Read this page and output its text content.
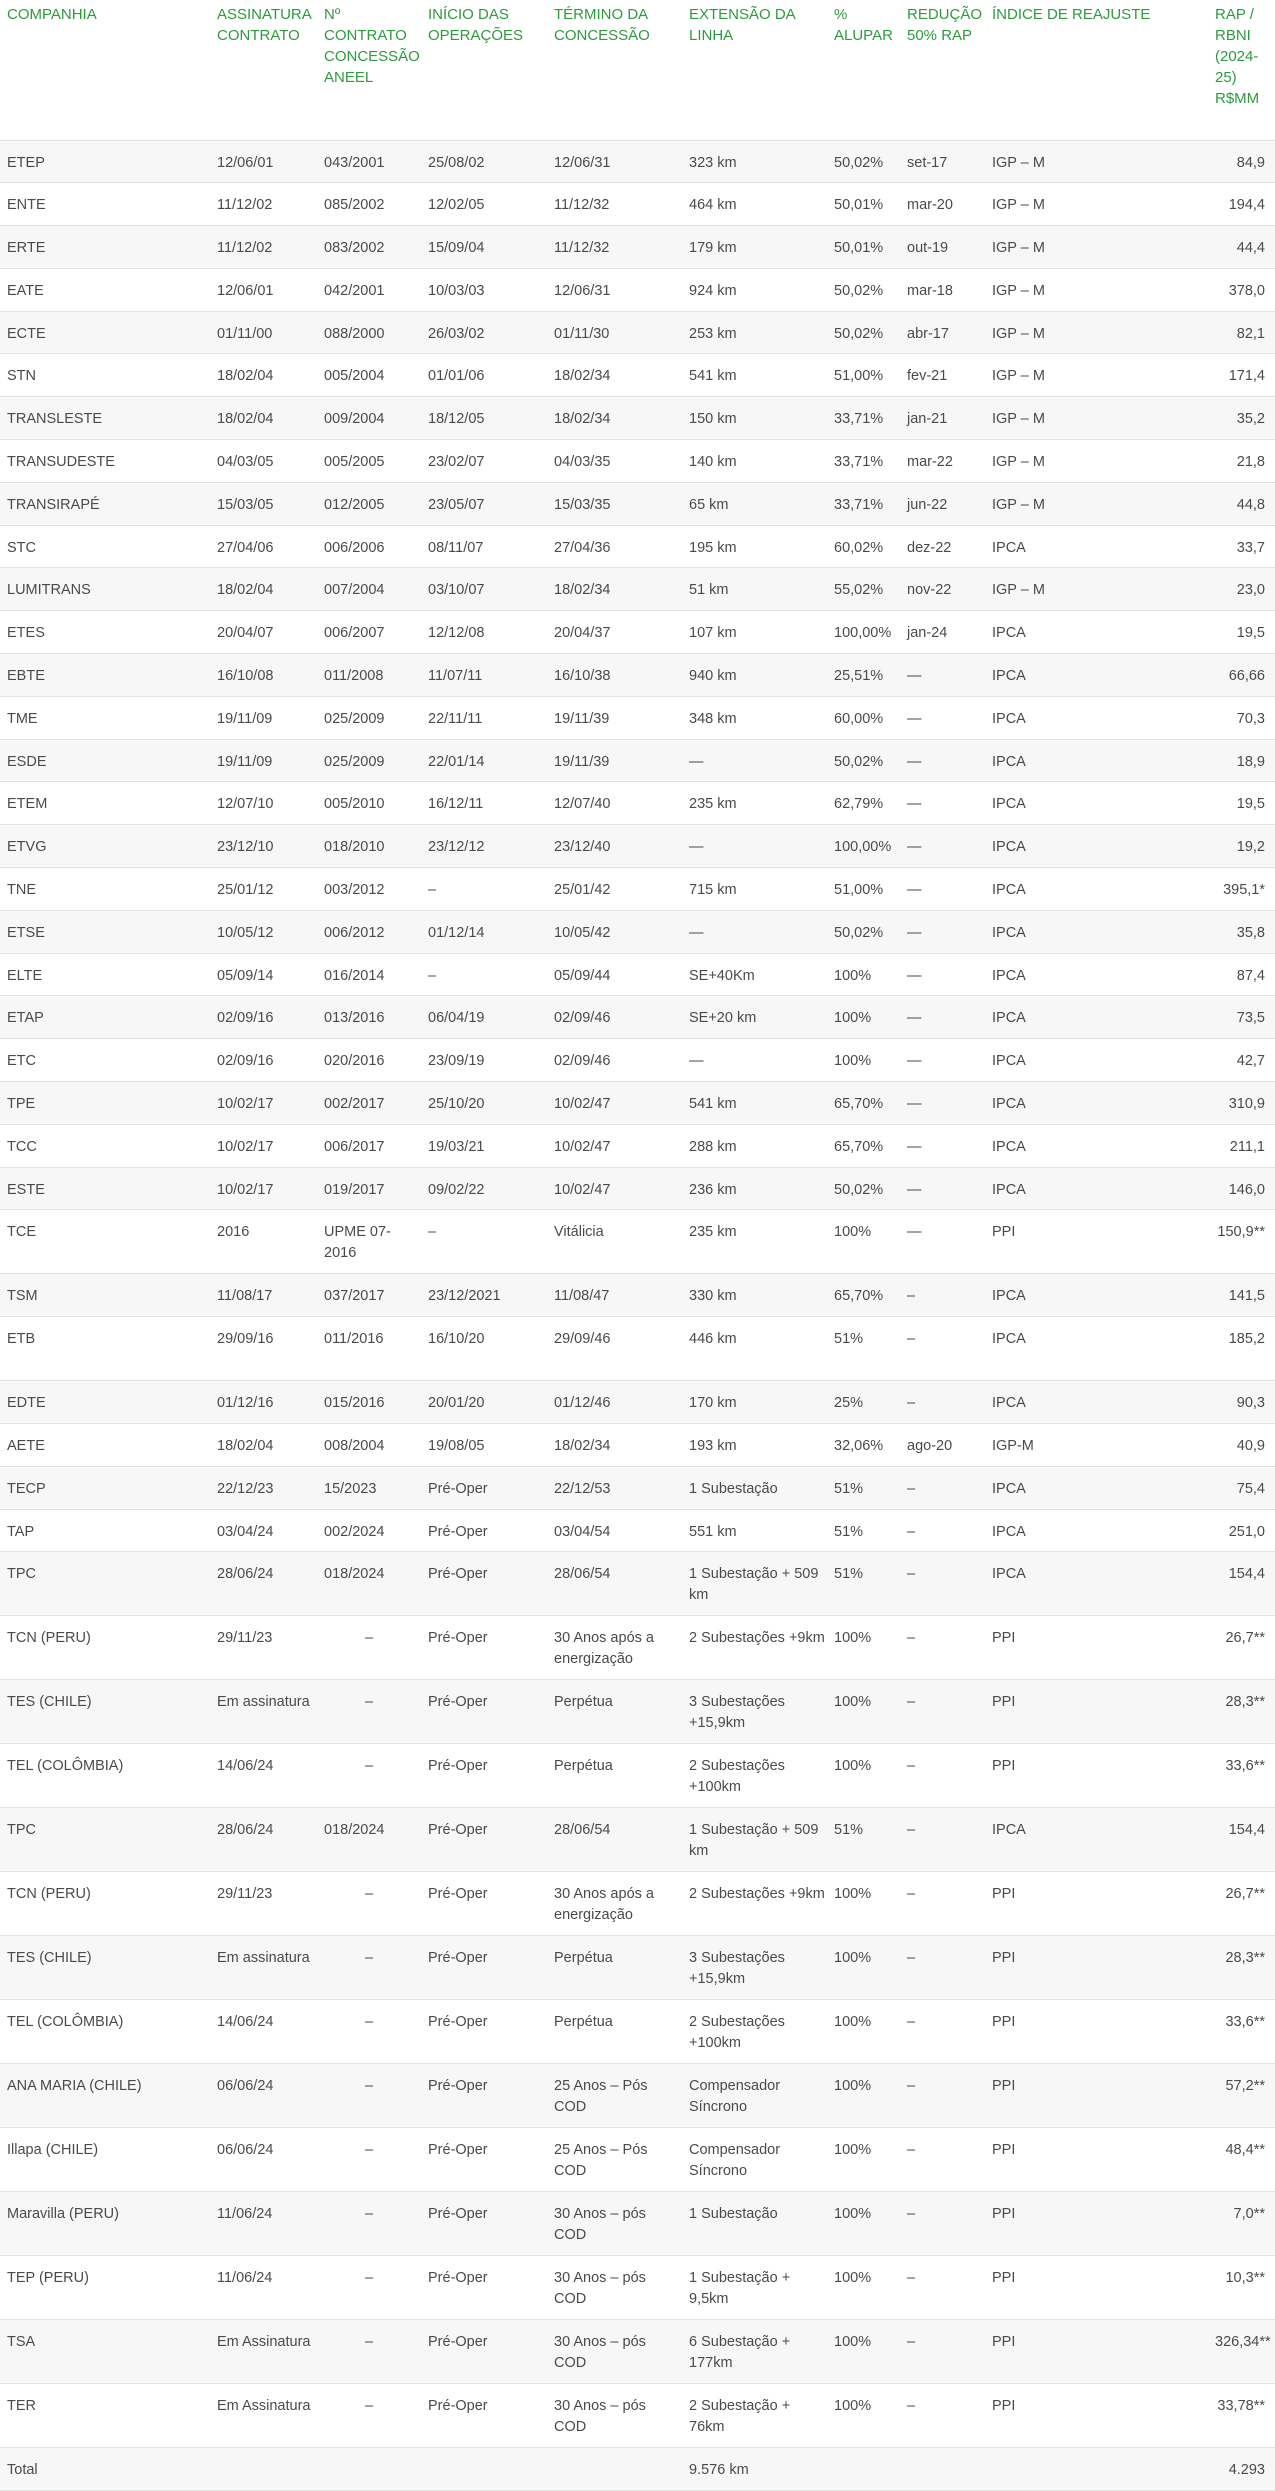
COMPANHIA	ASSINATURA CONTRATO	Nº CONTRATO CONCESSÃO ANEEL	INÍCIO DAS OPERAÇÕES	TÉRMINO DA CONCESSÃO	EXTENSÃO DA LINHA	% ALUPAR	REDUÇÃO 50% RAP	ÍNDICE DE REAJUSTE	RAP / RBNI (2024-25) R$MM
ETEP	12/06/01	043/2001	25/08/02	12/06/31	323 km	50,02%	set-17	IGP – M	84,9
ENTE	11/12/02	085/2002	12/02/05	11/12/32	464 km	50,01%	mar-20	IGP – M	194,4
ERTE	11/12/02	083/2002	15/09/04	11/12/32	179 km	50,01%	out-19	IGP – M	44,4
EATE	12/06/01	042/2001	10/03/03	12/06/31	924 km	50,02%	mar-18	IGP – M	378,0
ECTE	01/11/00	088/2000	26/03/02	01/11/30	253 km	50,02%	abr-17	IGP – M	82,1
STN	18/02/04	005/2004	01/01/06	18/02/34	541 km	51,00%	fev-21	IGP – M	171,4
TRANSLESTE	18/02/04	009/2004	18/12/05	18/02/34	150 km	33,71%	jan-21	IGP – M	35,2
TRANSUDESTE	04/03/05	005/2005	23/02/07	04/03/35	140 km	33,71%	mar-22	IGP – M	21,8
TRANSIRAPÉ	15/03/05	012/2005	23/05/07	15/03/35	65 km	33,71%	jun-22	IGP – M	44,8
STC	27/04/06	006/2006	08/11/07	27/04/36	195 km	60,02%	dez-22	IPCA	33,7
LUMITRANS	18/02/04	007/2004	03/10/07	18/02/34	51 km	55,02%	nov-22	IGP – M	23,0
ETES	20/04/07	006/2007	12/12/08	20/04/37	107 km	100,00%	jan-24	IPCA	19,5
EBTE	16/10/08	011/2008	11/07/11	16/10/38	940 km	25,51%	—	IPCA	66,66
TME	19/11/09	025/2009	22/11/11	19/11/39	348 km	60,00%	—	IPCA	70,3
ESDE	19/11/09	025/2009	22/01/14	19/11/39	—	50,02%	—	IPCA	18,9
ETEM	12/07/10	005/2010	16/12/11	12/07/40	235 km	62,79%	—	IPCA	19,5
ETVG	23/12/10	018/2010	23/12/12	23/12/40	—	100,00%	—	IPCA	19,2
TNE	25/01/12	003/2012	–	25/01/42	715 km	51,00%	—	IPCA	395,1*
ETSE	10/05/12	006/2012	01/12/14	10/05/42	—	50,02%	—	IPCA	35,8
ELTE	05/09/14	016/2014	–	05/09/44	SE+40Km	100%	—	IPCA	87,4
ETAP	02/09/16	013/2016	06/04/19	02/09/46	SE+20 km	100%	—	IPCA	73,5
ETC	02/09/16	020/2016	23/09/19	02/09/46	—	100%	—	IPCA	42,7
TPE	10/02/17	002/2017	25/10/20	10/02/47	541 km	65,70%	—	IPCA	310,9
TCC	10/02/17	006/2017	19/03/21	10/02/47	288 km	65,70%	—	IPCA	211,1
ESTE	10/02/17	019/2017	09/02/22	10/02/47	236 km	50,02%	—	IPCA	146,0
TCE	2016	UPME 07-2016	–	Vitálicia	235 km	100%	—	PPI	150,9**
TSM	11/08/17	037/2017	23/12/2021	11/08/47	330 km	65,70%	–	IPCA	141,5
ETB	29/09/16	011/2016	16/10/20	29/09/46	446 km	51%	–	IPCA	185,2
EDTE	01/12/16	015/2016	20/01/20	01/12/46	170 km	25%	–	IPCA	90,3
AETE	18/02/04	008/2004	19/08/05	18/02/34	193 km	32,06%	ago-20	IGP-M	40,9
TECP	22/12/23	15/2023	Pré-Oper	22/12/53	1 Subestação	51%	–	IPCA	75,4
TAP	03/04/24	002/2024	Pré-Oper	03/04/54	551 km	51%	–	IPCA	251,0
TPC	28/06/24	018/2024	Pré-Oper	28/06/54	1 Subestação + 509 km	51%	–	IPCA	154,4
TCN (PERU)	29/11/23	–	Pré-Oper	30 Anos após a energização	2 Subestações +9km	100%	–	PPI	26,7**
TES (CHILE)	Em assinatura	–	Pré-Oper	Perpétua	3 Subestações +15,9km	100%	–	PPI	28,3**
TEL (COLÔMBIA)	14/06/24	–	Pré-Oper	Perpétua	2 Subestações +100km	100%	–	PPI	33,6**
TPC	28/06/24	018/2024	Pré-Oper	28/06/54	1 Subestação + 509 km	51%	–	IPCA	154,4
TCN (PERU)	29/11/23	–	Pré-Oper	30 Anos após a energização	2 Subestações +9km	100%	–	PPI	26,7**
TES (CHILE)	Em assinatura	–	Pré-Oper	Perpétua	3 Subestações +15,9km	100%	–	PPI	28,3**
TEL (COLÔMBIA)	14/06/24	–	Pré-Oper	Perpétua	2 Subestações +100km	100%	–	PPI	33,6**
ANA MARIA (CHILE)	06/06/24	–	Pré-Oper	25 Anos – Pós COD	Compensador Síncrono	100%	–	PPI	57,2**
Illapa (CHILE)	06/06/24	–	Pré-Oper	25 Anos – Pós COD	Compensador Síncrono	100%	–	PPI	48,4**
Maravilla (PERU)	11/06/24	–	Pré-Oper	30 Anos – pós COD	1 Subestação	100%	–	PPI	7,0**
TEP (PERU)	11/06/24	–	Pré-Oper	30 Anos – pós COD	1 Subestação + 9,5km	100%	–	PPI	10,3**
TSA	Em Assinatura	–	Pré-Oper	30 Anos – pós COD	6 Subestação + 177km	100%	–	PPI	326,34**
TER	Em Assinatura	–	Pré-Oper	30 Anos – pós COD	2 Subestação + 76km	100%	–	PPI	33,78**
Total					9.576 km				4.293
